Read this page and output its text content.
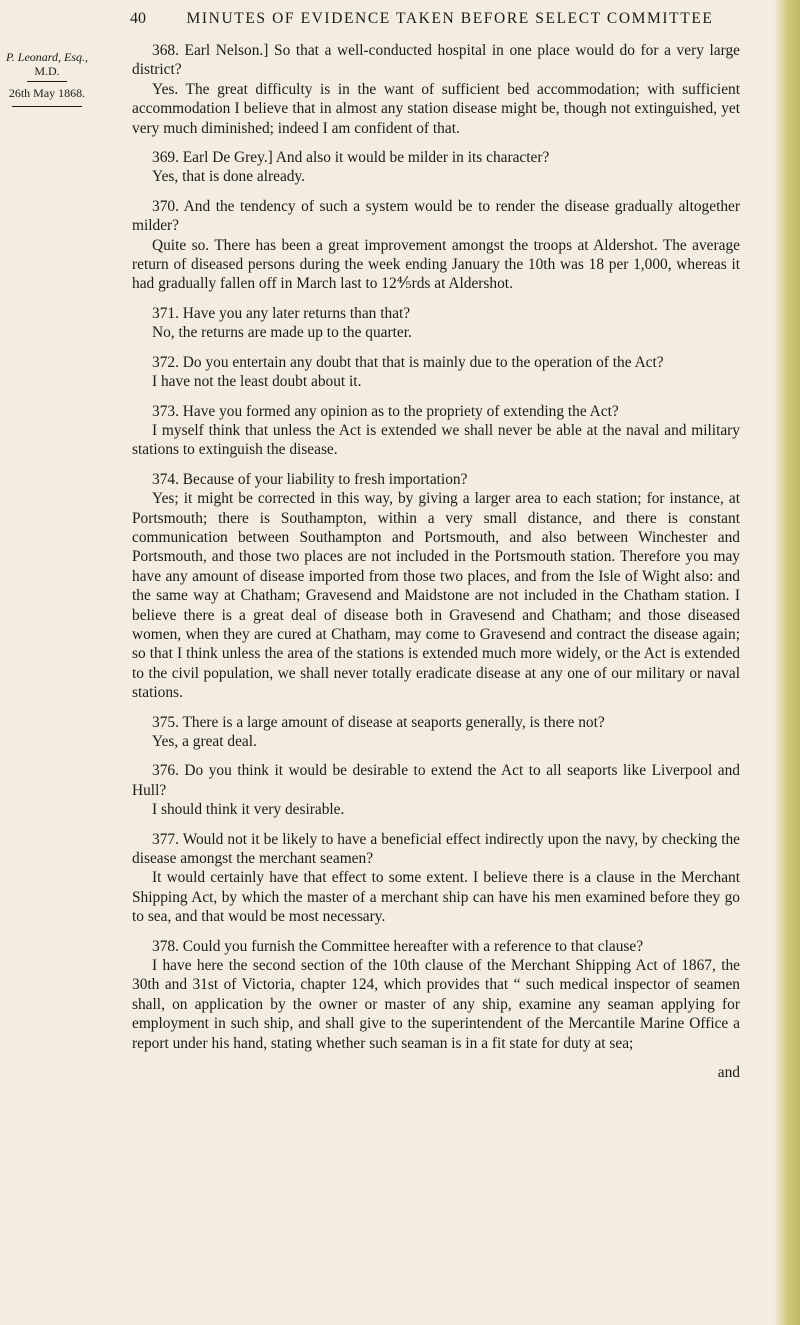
40	MINUTES OF EVIDENCE TAKEN BEFORE SELECT COMMITTEE
P. Leonard, Esq.,
M.D.
26th May 1868.

368. Earl Nelson.] So that a well-conducted hospital in one place would do for a very large district?

Yes. The great difficulty is in the want of sufficient bed accommodation; with sufficient accommodation I believe that in almost any station disease might be, though not extinguished, yet very much diminished; indeed I am confident of that.

369. Earl De Grey.] And also it would be milder in its character?

Yes, that is done already.

370. And the tendency of such a system would be to render the disease gradually altogether milder?

Quite so. There has been a great improvement amongst the troops at Aldershot. The average return of diseased persons during the week ending January the 10th was 18 per 1,000, whereas it had gradually fallen off in March last to 12⅘rds at Aldershot.

371. Have you any later returns than that?

No, the returns are made up to the quarter.

372. Do you entertain any doubt that that is mainly due to the operation of the Act?

I have not the least doubt about it.

373. Have you formed any opinion as to the propriety of extending the Act?

I myself think that unless the Act is extended we shall never be able at the naval and military stations to extinguish the disease.

374. Because of your liability to fresh importation?

Yes; it might be corrected in this way, by giving a larger area to each station; for instance, at Portsmouth; there is Southampton, within a very small distance, and there is constant communication between Southampton and Portsmouth, and also between Winchester and Portsmouth, and those two places are not included in the Portsmouth station. Therefore you may have any amount of disease imported from those two places, and from the Isle of Wight also: and the same way at Chatham; Gravesend and Maidstone are not included in the Chatham station. I believe there is a great deal of disease both in Gravesend and Chatham; and those diseased women, when they are cured at Chatham, may come to Gravesend and contract the disease again; so that I think unless the area of the stations is extended much more widely, or the Act is extended to the civil population, we shall never totally eradicate disease at any one of our military or naval stations.

375. There is a large amount of disease at seaports generally, is there not?

Yes, a great deal.

376. Do you think it would be desirable to extend the Act to all seaports like Liverpool and Hull?

I should think it very desirable.

377. Would not it be likely to have a beneficial effect indirectly upon the navy, by checking the disease amongst the merchant seamen?

It would certainly have that effect to some extent. I believe there is a clause in the Merchant Shipping Act, by which the master of a merchant ship can have his men examined before they go to sea, and that would be most necessary.

378. Could you furnish the Committee hereafter with a reference to that clause?

I have here the second section of the 10th clause of the Merchant Shipping Act of 1867, the 30th and 31st of Victoria, chapter 124, which provides that “ such medical inspector of seamen shall, on application by the owner or master of any ship, examine any seaman applying for employment in such ship, and shall give to the superintendent of the Mercantile Marine Office a report under his hand, stating whether such seaman is in a fit state for duty at sea;

and
